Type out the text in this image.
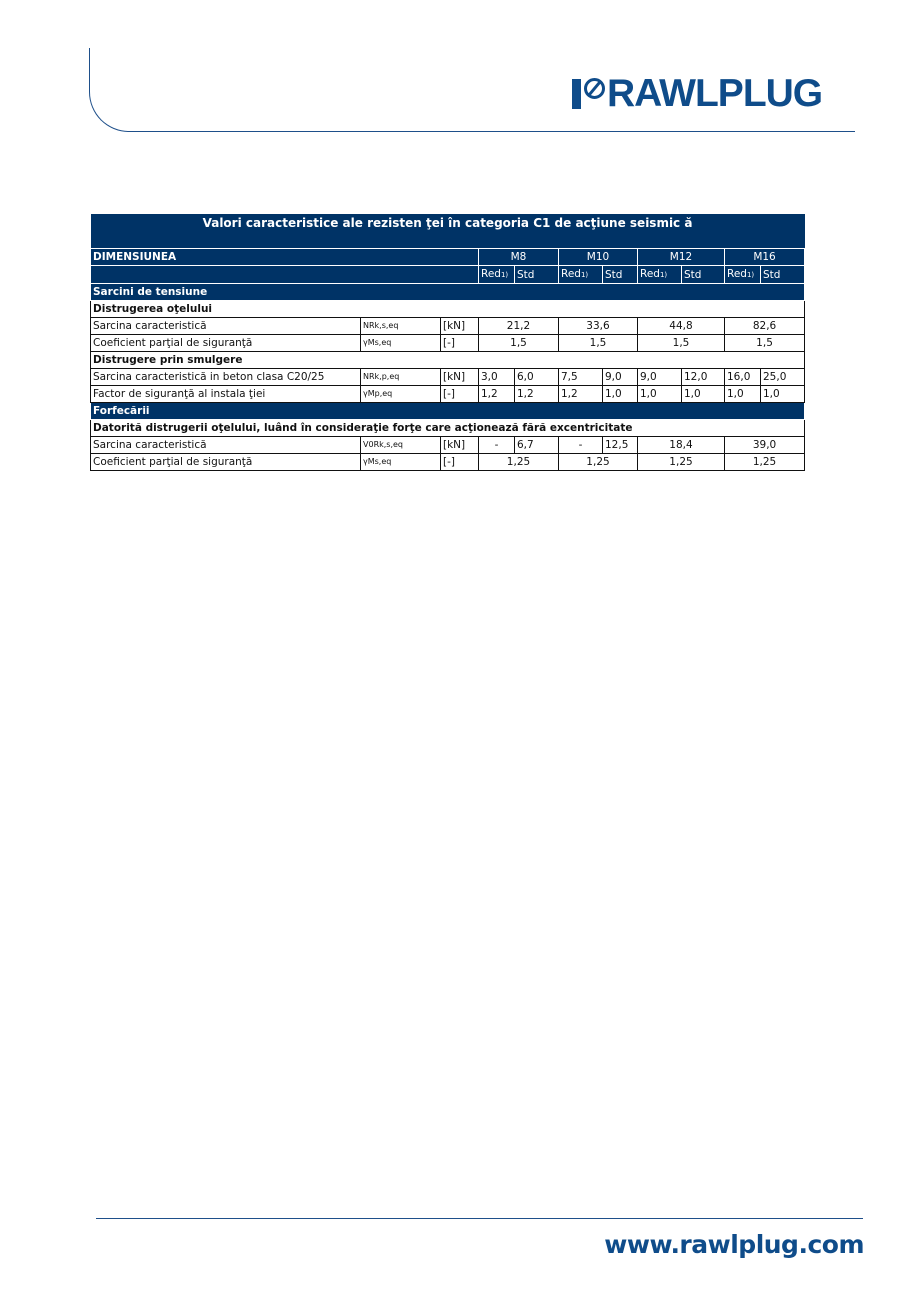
RAWLPLUG
Valori caracteristice ale rezisten ţei în categoria C1 de acţiune seismic ă										
DIMENSIUNEA			M8		M10		M12		M16	
			Red1)	Std	Red1)	Std	Red1)	Std	Red1)	Std
Sarcini de tensiune										
Distrugerea oţelului										
Sarcina caracteristică	NRk,s,eq	[kN]	21,2		33,6		44,8		82,6	
Coeficient parţial de siguranţă	γMs,eq	[-]	1,5		1,5		1,5		1,5	
Distrugere prin smulgere										
Sarcina caracteristică in beton clasa C20/25	NRk,p,eq	[kN]	3,0	6,0	7,5	9,0	9,0	12,0	16,0	25,0
Factor de siguranţă al instala ţiei	γMp,eq	[-]	1,2	1,2	1,2	1,0	1,0	1,0	1,0	1,0
Forfecării										
Datorită distrugerii oţelului, luând în consideraţie forţe care acţionează fără excentricitate										
Sarcina caracteristică	V0Rk,s,eq	[kN]	-	6,7	-	12,5	18,4		39,0	
Coeficient parţial de siguranţă	γMs,eq	[-]	1,25		1,25		1,25		1,25	
www.rawlplug.com
